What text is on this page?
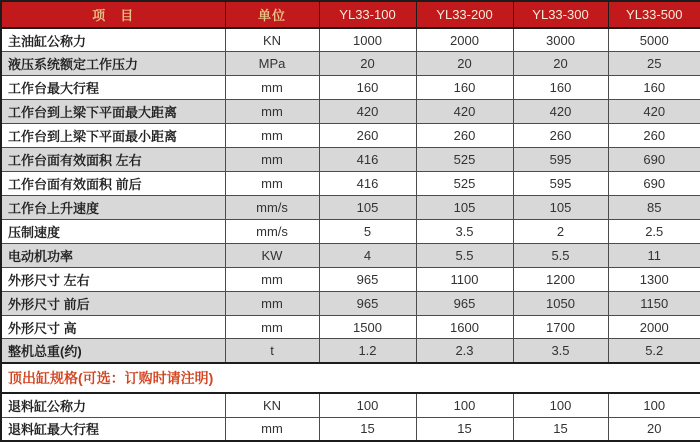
项　目	单位	YL33-100	YL33-200	YL33-300	YL33-500
主油缸公称力	KN	1000	2000	3000	5000
液压系统额定工作压力	MPa	20	20	20	25
工作台最大行程	mm	160	160	160	160
工作台到上梁下平面最大距离	mm	420	420	420	420
工作台到上梁下平面最小距离	mm	260	260	260	260
工作台面有效面积 左右	mm	416	525	595	690
工作台面有效面积 前后	mm	416	525	595	690
工作台上升速度	mm/s	105	105	105	85
压制速度	mm/s	5	3.5	2	2.5
电动机功率	KW	4	5.5	5.5	11
外形尺寸 左右	mm	965	1100	1200	1300
外形尺寸 前后	mm	965	965	1050	1150
外形尺寸 高	mm	1500	1600	1700	2000
整机总重(约)	t	1.2	2.3	3.5	5.2
顶出缸规格(可选：订购时请注明)					
退料缸公称力	KN	100	100	100	100
退料缸最大行程	mm	15	15	15	20
